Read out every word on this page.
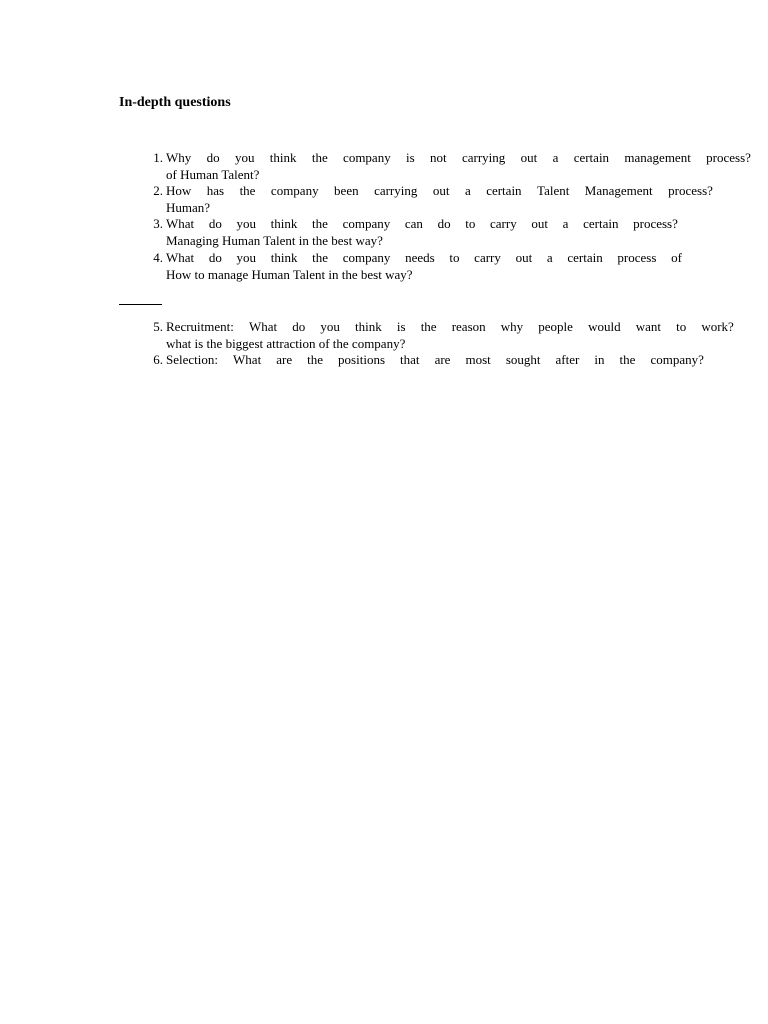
In-depth questions
1. Why do you think the company is not carrying out a certain management process?
of Human Talent?
2. How has the company been carrying out a certain Talent Management process?
Human?
3. What do you think the company can do to carry out a certain process?
Managing Human Talent in the best way?
4. What do you think the company needs to carry out a certain process of
How to manage Human Talent in the best way?
5. Recruitment: What do you think is the reason why people would want to work?
what is the biggest attraction of the company?
6. Selection: What are the positions that are most sought after in the company?
